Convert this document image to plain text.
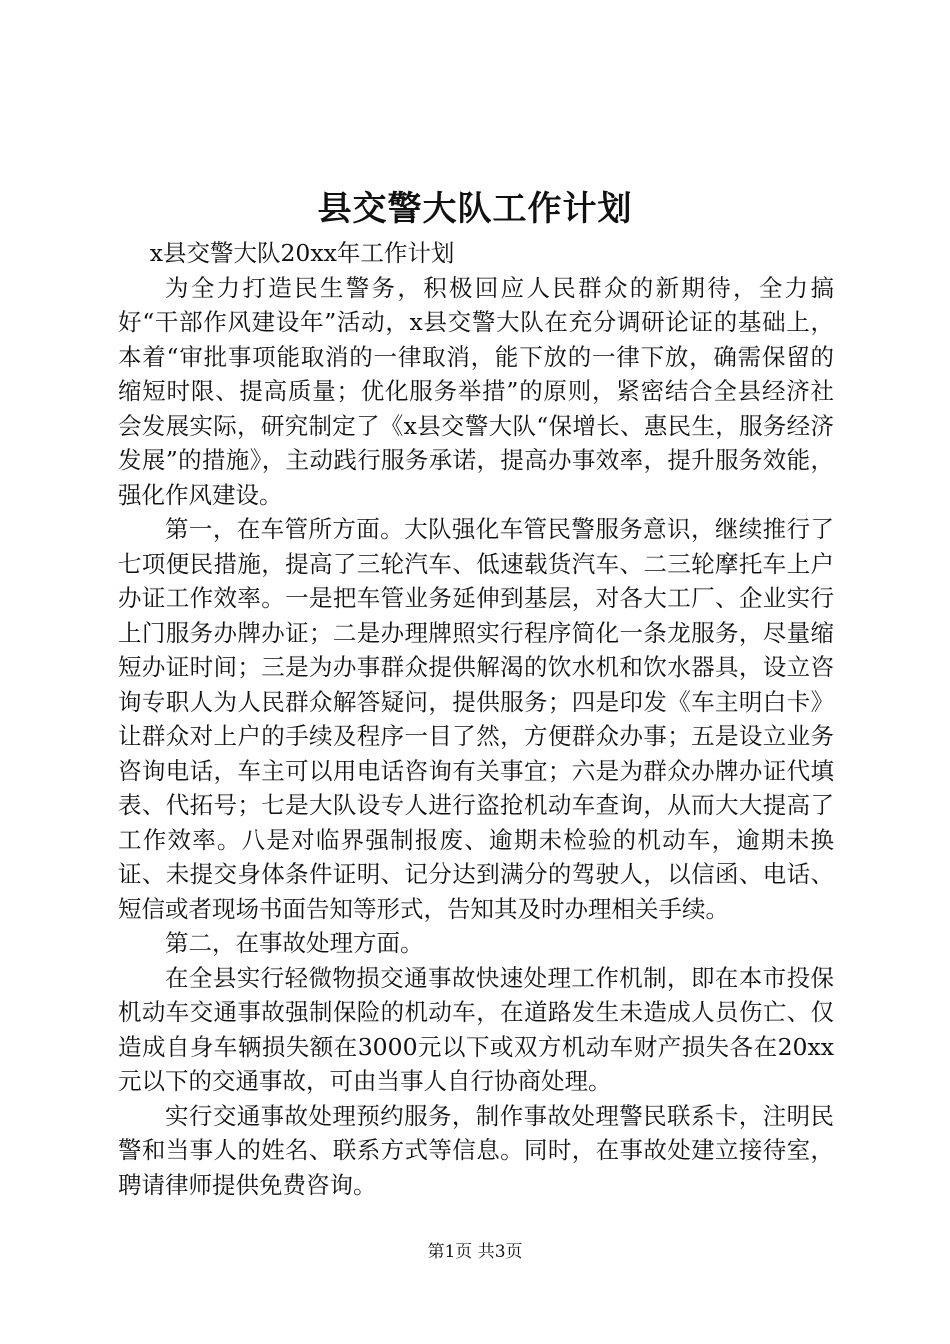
县交警大队工作计划

x县交警大队20xx年工作计划

为全力打造民生警务，积极回应人民群众的新期待，全力搞好“干部作风建设年”活动，x县交警大队在充分调研论证的基础上，本着“审批事项能取消的一律取消，能下放的一律下放，确需保留的缩短时限、提高质量；优化服务举措”的原则，紧密结合全县经济社会发展实际，研究制定了《x县交警大队“保增长、惠民生，服务经济发展”的措施》，主动践行服务承诺，提高办事效率，提升服务效能，强化作风建设。

第一，在车管所方面。大队强化车管民警服务意识，继续推行了七项便民措施，提高了三轮汽车、低速载货汽车、二三轮摩托车上户办证工作效率。一是把车管业务延伸到基层，对各大工厂、企业实行上门服务办牌办证；二是办理牌照实行程序简化一条龙服务，尽量缩短办证时间；三是为办事群众提供解渴的饮水机和饮水器具，设立咨询专职人为人民群众解答疑问，提供服务；四是印发《车主明白卡》让群众对上户的手续及程序一目了然，方便群众办事；五是设立业务咨询电话，车主可以用电话咨询有关事宜；六是为群众办牌办证代填表、代拓号；七是大队设专人进行盗抢机动车查询，从而大大提高了工作效率。八是对临界强制报废、逾期未检验的机动车，逾期未换证、未提交身体条件证明、记分达到满分的驾驶人，以信函、电话、短信或者现场书面告知等形式，告知其及时办理相关手续。

第二，在事故处理方面。

在全县实行轻微物损交通事故快速处理工作机制，即在本市投保机动车交通事故强制保险的机动车，在道路发生未造成人员伤亡、仅造成自身车辆损失额在3000元以下或双方机动车财产损失各在20xx元以下的交通事故，可由当事人自行协商处理。

实行交通事故处理预约服务，制作事故处理警民联系卡，注明民警和当事人的姓名、联系方式等信息。同时，在事故处建立接待室，聘请律师提供免费咨询。

第1页 共3页
